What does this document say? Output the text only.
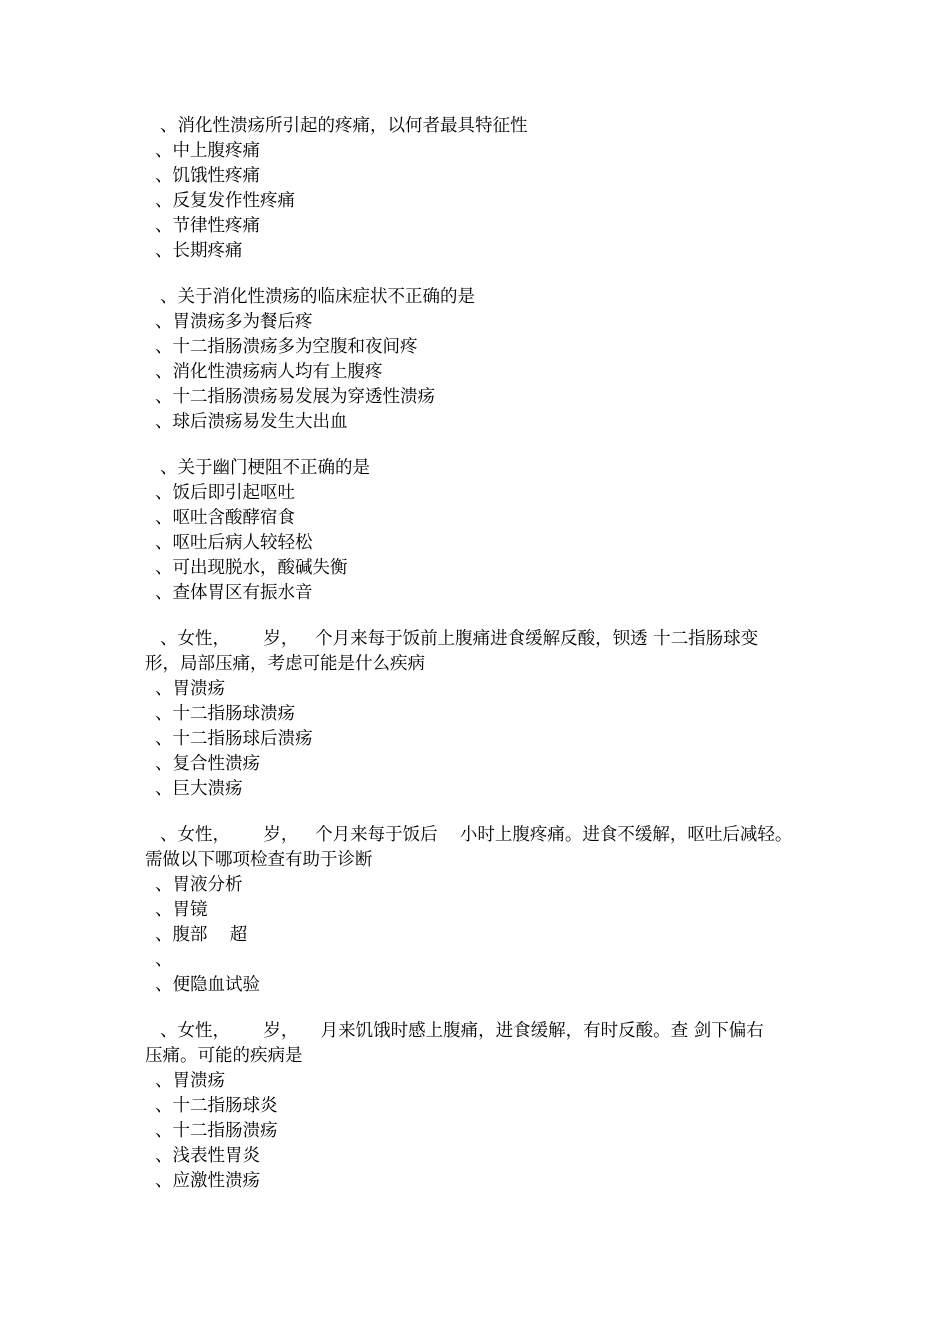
、消化性溃疡所引起的疼痛，以何者最具特征性
、中上腹疼痛
、饥饿性疼痛
、反复发作性疼痛
、节律性疼痛
、长期疼痛
、关于消化性溃疡的临床症状不正确的是
、胃溃疡多为餐后疼
、十二指肠溃疡多为空腹和夜间疼
、消化性溃疡病人均有上腹疼
、十二指肠溃疡易发展为穿透性溃疡
、球后溃疡易发生大出血
、关于幽门梗阻不正确的是
、饭后即引起呕吐
、呕吐含酸酵宿食
、呕吐后病人较轻松
、可出现脱水，酸碱失衡
、查体胃区有振水音
、女性，      岁，   个月来每于饭前上腹痛进食缓解反酸，钡透 十二指肠球变
形，局部压痛，考虑可能是什么疾病
、胃溃疡
、十二指肠球溃疡
、十二指肠球后溃疡
、复合性溃疡
、巨大溃疡
、女性，      岁，   个月来每于饭后    小时上腹疼痛。进食不缓解，呕吐后减轻。
需做以下哪项检查有助于诊断
、胃液分析
、胃镜
、腹部    超
、
、便隐血试验
、女性，      岁，    月来饥饿时感上腹痛，进食缓解，有时反酸。查 剑下偏右
压痛。可能的疾病是
、胃溃疡
、十二指肠球炎
、十二指肠溃疡
、浅表性胃炎
、应激性溃疡
